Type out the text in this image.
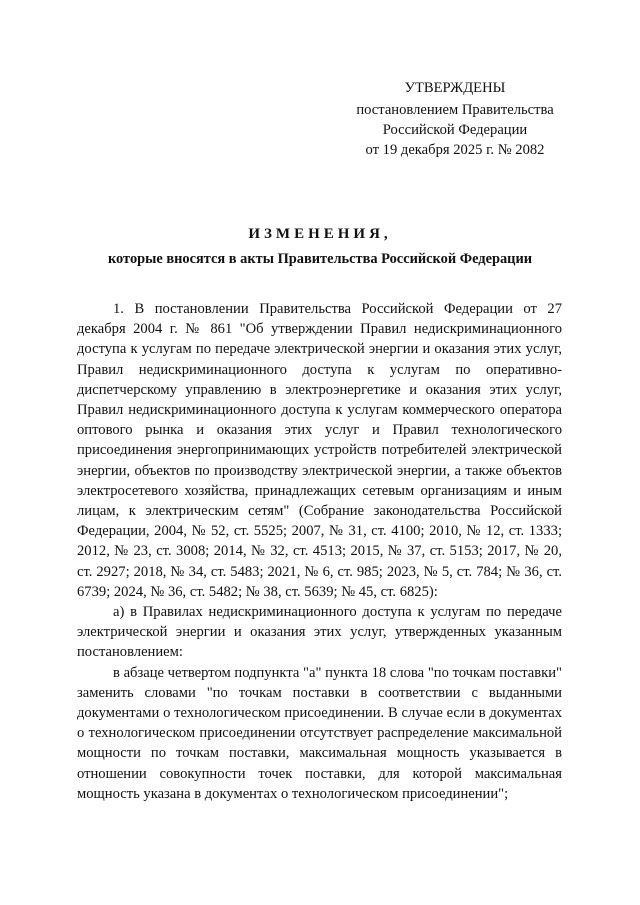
УТВЕРЖДЕНЫ
постановлением Правительства
Российской Федерации
от 19 декабря 2025 г. № 2082
ИЗМЕНЕНИЯ,
которые вносятся в акты Правительства Российской Федерации

1. В постановлении Правительства Российской Федерации от 27 декабря 2004 г. № 861 "Об утверждении Правил недискриминационного доступа к услугам по передаче электрической энергии и оказания этих услуг, Правил недискриминационного доступа к услугам по оперативно-диспетчерскому управлению в электроэнергетике и оказания этих услуг, Правил недискриминационного доступа к услугам коммерческого оператора оптового рынка и оказания этих услуг и Правил технологического присоединения энергопринимающих устройств потребителей электрической энергии, объектов по производству электрической энергии, а также объектов электросетевого хозяйства, принадлежащих сетевым организациям и иным лицам, к электрическим сетям" (Собрание законодательства Российской Федерации, 2004, № 52, ст. 5525; 2007, № 31, ст. 4100; 2010, № 12, ст. 1333; 2012, № 23, ст. 3008; 2014, № 32, ст. 4513; 2015, № 37, ст. 5153; 2017, № 20, ст. 2927; 2018, № 34, ст. 5483; 2021, № 6, ст. 985; 2023, № 5, ст. 784; № 36, ст. 6739; 2024, № 36, ст. 5482; № 38, ст. 5639; № 45, ст. 6825):

а) в Правилах недискриминационного доступа к услугам по передаче электрической энергии и оказания этих услуг, утвержденных указанным постановлением:

в абзаце четвертом подпункта "а" пункта 18 слова "по точкам поставки" заменить словами "по точкам поставки в соответствии с выданными документами о технологическом присоединении. В случае если в документах о технологическом присоединении отсутствует распределение максимальной мощности по точкам поставки, максимальная мощность указывается в отношении совокупности точек поставки, для которой максимальная мощность указана в документах о технологическом присоединении";
